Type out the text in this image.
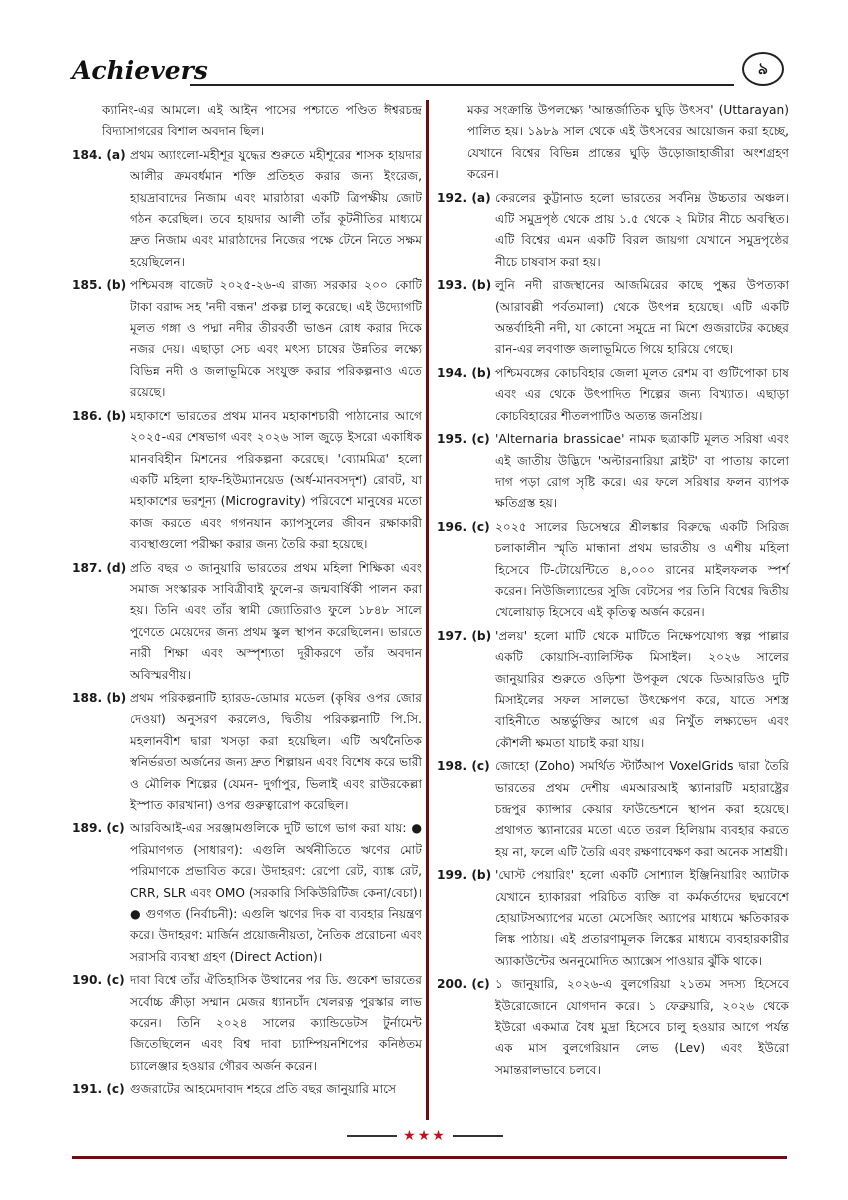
Achievers	৯
ক্যানিং-এর আমলে। এই আইন পাসের পশ্চাতে পণ্ডিত ঈশ্বরচন্দ্র বিদ্যাসাগরের বিশাল অবদান ছিল।
184. (a) প্রথম অ্যাংলো-মহীশূর যুদ্ধের শুরুতে মহীশূরের শাসক হায়দার আলীর ক্রমবর্ধমান শক্তি প্রতিহত করার জন্য ইংরেজ, হায়দ্রাবাদের নিজাম এবং মারাঠারা একটি ত্রিপক্ষীয় জোট গঠন করেছিল। তবে হায়দার আলী তাঁর কূটনীতির মাধ্যমে দ্রুত নিজাম এবং মারাঠাদের নিজের পক্ষে টেনে নিতে সক্ষম হয়েছিলেন।
185. (b) পশ্চিমবঙ্গ বাজেট ২০২৫-২৬-এ রাজ্য সরকার ২০০ কোটি টাকা বরাদ্দ সহ 'নদী বন্ধন' প্রকল্প চালু করেছে। এই উদ্যোগটি মূলত গঙ্গা ও পদ্মা নদীর তীরবর্তী ভাঙন রোধ করার দিকে নজর দেয়। এছাড়া সেচ এবং মৎস্য চাষের উন্নতির লক্ষ্যে বিভিন্ন নদী ও জলাভূমিকে সংযুক্ত করার পরিকল্পনাও এতে রয়েছে।
186. (b) মহাকাশে ভারতের প্রথম মানব মহাকাশচারী পাঠানোর আগে ২০২৫-এর শেষভাগ এবং ২০২৬ সাল জুড়ে ইসরো একাধিক মানববিহীন মিশনের পরিকল্পনা করেছে। 'ব্যোমমিত্র' হলো একটি মহিলা হাফ-হিউম্যানয়েড (অর্ধ-মানবসদৃশ) রোবট, যা মহাকাশের ভরশূন্য (Microgravity) পরিবেশে মানুষের মতো কাজ করতে এবং গগনযান ক্যাপসুলের জীবন রক্ষাকারী ব্যবস্থাগুলো পরীক্ষা করার জন্য তৈরি করা হয়েছে।
187. (d) প্রতি বছর ৩ জানুয়ারি ভারতের প্রথম মহিলা শিক্ষিকা এবং সমাজ সংস্কারক সাবিত্রীবাই ফুলে-র জন্মবার্ষিকী পালন করা হয়। তিনি এবং তাঁর স্বামী জ্যোতিরাও ফুলে ১৮৪৮ সালে পুণেতে মেয়েদের জন্য প্রথম স্কুল স্থাপন করেছিলেন। ভারতে নারী শিক্ষা এবং অস্পৃশ্যতা দূরীকরণে তাঁর অবদান অবিস্মরণীয়।
188. (b) প্রথম পরিকল্পনাটি হ্যারড-ডোমার মডেল (কৃষির ওপর জোর দেওয়া) অনুসরণ করলেও, দ্বিতীয় পরিকল্পনাটি পি.সি. মহলানবীশ দ্বারা খসড়া করা হয়েছিল। এটি অর্থনৈতিক স্বনির্ভরতা অর্জনের জন্য দ্রুত শিল্পায়ন এবং বিশেষ করে ভারী ও মৌলিক শিল্পের (যেমন- দুর্গাপুর, ভিলাই এবং রাউরকেল্লা ইস্পাত কারখানা) ওপর গুরুত্বারোপ করেছিল।
189. (c) আরবিআই-এর সরঞ্জামগুলিকে দুটি ভাগে ভাগ করা যায়: ● পরিমাণগত (সাধারণ): এগুলি অর্থনীতিতে ঋণের মোট পরিমাণকে প্রভাবিত করে। উদাহরণ: রেপো রেট, ব্যাঙ্ক রেট, CRR, SLR এবং OMO (সরকারি সিকিউরিটিজ কেনা/বেচা)। ● গুণগত (নির্বাচনী): এগুলি ঋণের দিক বা ব্যবহার নিয়ন্ত্রণ করে। উদাহরণ: মার্জিন প্রয়োজনীয়তা, নৈতিক প্ররোচনা এবং সরাসরি ব্যবস্থা গ্রহণ (Direct Action)।
190. (c) দাবা বিশ্বে তাঁর ঐতিহাসিক উত্থানের পর ডি. গুকেশ ভারতের সর্বোচ্চ ক্রীড়া সম্মান মেজর ধ্যানচাঁদ খেলরত্ন পুরস্কার লাভ করেন। তিনি ২০২৪ সালের ক্যান্ডিডেটস টুর্নামেন্ট জিতেছিলেন এবং বিশ্ব দাবা চ্যাম্পিয়নশিপের কনিষ্ঠতম চ্যালেঞ্জার হওয়ার গৌরব অর্জন করেন।
191. (c) গুজরাটের আহমেদাবাদ শহরে প্রতি বছর জানুয়ারি মাসে
মকর সংক্রান্তি উপলক্ষ্যে 'আন্তর্জাতিক ঘুড়ি উৎসব' (Uttarayan) পালিত হয়। ১৯৮৯ সাল থেকে এই উৎসবের আয়োজন করা হচ্ছে, যেখানে বিশ্বের বিভিন্ন প্রান্তের ঘুড়ি উড়োজাহাজীরা অংশগ্রহণ করেন।
192. (a) কেরলের কুট্টানাড হলো ভারতের সর্বনিম্ন উচ্চতার অঞ্চল। এটি সমুদ্রপৃষ্ঠ থেকে প্রায় ১.৫ থেকে ২ মিটার নীচে অবস্থিত। এটি বিশ্বের এমন একটি বিরল জায়গা যেখানে সমুদ্রপৃষ্ঠের নীচে চাষবাস করা হয়।
193. (b) লুনি নদী রাজস্থানের আজমিরের কাছে পুষ্কর উপত্যকা (আরাবল্লী পর্বতমালা) থেকে উৎপন্ন হয়েছে। এটি একটি অন্তর্বাহিনী নদী, যা কোনো সমুদ্রে না মিশে গুজরাটের কচ্ছের রান-এর লবণাক্ত জলাভূমিতে গিয়ে হারিয়ে গেছে।
194. (b) পশ্চিমবঙ্গের কোচবিহার জেলা মূলত রেশম বা গুটিপোকা চাষ এবং এর থেকে উৎপাদিত শিল্পের জন্য বিখ্যাত। এছাড়া কোচবিহারের শীতলপাটিও অত্যন্ত জনপ্রিয়।
195. (c) 'Alternaria brassicae' নামক ছত্রাকটি মূলত সরিষা এবং এই জাতীয় উদ্ভিদে 'অল্টারনারিয়া ব্লাইট' বা পাতায় কালো দাগ পড়া রোগ সৃষ্টি করে। এর ফলে সরিষার ফলন ব্যাপক ক্ষতিগ্রস্ত হয়।
196. (c) ২০২৫ সালের ডিসেম্বরে শ্রীলঙ্কার বিরুদ্ধে একটি সিরিজ চলাকালীন স্মৃতি মান্ধানা প্রথম ভারতীয় ও এশীয় মহিলা হিসেবে টি-টোয়েন্টিতে ৪,০০০ রানের মাইলফলক স্পর্শ করেন। নিউজিল্যান্ডের সুজি বেটসের পর তিনি বিশ্বের দ্বিতীয় খেলোয়াড় হিসেবে এই কৃতিত্ব অর্জন করেন।
197. (b) 'প্রলয়' হলো মাটি থেকে মাটিতে নিক্ষেপযোগ্য স্বল্প পাল্লার একটি কোয়াসি-ব্যালিস্টিক মিসাইল। ২০২৬ সালের জানুয়ারির শুরুতে ওড়িশা উপকূল থেকে ডিআরডিও দুটি মিসাইলের সফল সালভো উৎক্ষেপণ করে, যাতে সশস্ত্র বাহিনীতে অন্তর্ভুক্তির আগে এর নিখুঁত লক্ষ্যভেদ এবং কৌশলী ক্ষমতা যাচাই করা যায়।
198. (c) জোহো (Zoho) সমর্থিত স্টার্টআপ VoxelGrids দ্বারা তৈরি ভারতের প্রথম দেশীয় এমআরআই স্ক্যানারটি মহারাষ্ট্রের চন্দ্রপুর ক্যান্সার কেয়ার ফাউন্ডেশনে স্থাপন করা হয়েছে। প্রথাগত স্ক্যানারের মতো এতে তরল হিলিয়াম ব্যবহার করতে হয় না, ফলে এটি তৈরি এবং রক্ষণাবেক্ষণ করা অনেক সাশ্রয়ী।
199. (b) 'ঘোস্ট পেয়ারিং' হলো একটি সোশ্যাল ইঞ্জিনিয়ারিং অ্যাটাক যেখানে হ্যাকাররা পরিচিত ব্যক্তি বা কর্মকর্তাদের ছদ্মবেশে হোয়াটসঅ্যাপের মতো মেসেজিং অ্যাপের মাধ্যমে ক্ষতিকারক লিঙ্ক পাঠায়। এই প্রতারণামূলক লিঙ্কের মাধ্যমে ব্যবহারকারীর অ্যাকাউন্টের অননুমোদিত অ্যাক্সেস পাওয়ার ঝুঁকি থাকে।
200. (c) ১ জানুয়ারি, ২০২৬-এ বুলগেরিয়া ২১তম সদস্য হিসেবে ইউরোজোনে যোগদান করে। ১ ফেব্রুয়ারি, ২০২৬ থেকে ইউরো একমাত্র বৈধ মুদ্রা হিসেবে চালু হওয়ার আগে পর্যন্ত এক মাস বুলগেরিয়ান লেভ (Lev) এবং ইউরো সমান্তরালভাবে চলবে।
★★★
